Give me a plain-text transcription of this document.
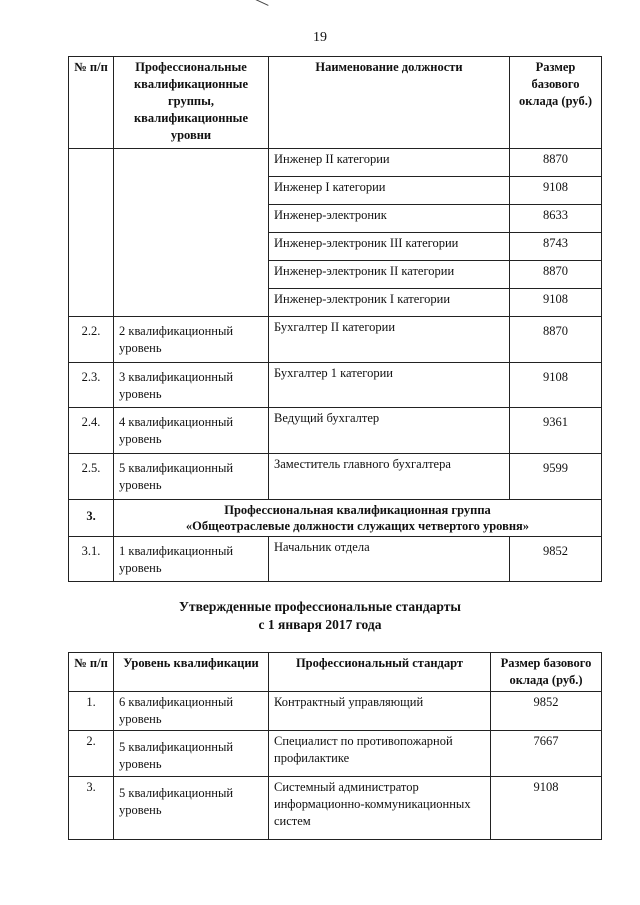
19
№ п/п	Профессиональные квалификационные группы, квалификационные уровни	Наименование должности	Размер базового оклада (руб.)
		Инженер II категории	8870
		Инженер I категории	9108
		Инженер-электроник	8633
		Инженер-электроник III категории	8743
		Инженер-электроник II категории	8870
		Инженер-электроник I категории	9108
2.2.	2 квалификационный уровень	Бухгалтер II категории	8870
2.3.	3 квалификационный уровень	Бухгалтер 1 категории	9108
2.4.	4 квалификационный уровень	Ведущий бухгалтер	9361
2.5.	5 квалификационный уровень	Заместитель главного бухгалтера	9599
3.	Профессиональная квалификационная группа
«Общеотраслевые должности служащих четвертого уровня»		

3.1.	1 квалификационный уровень	Начальник отдела	9852
Утвержденные профессиональные стандарты
с 1 января 2017 года
№ п/п	Уровень квалификации	Профессиональный стандарт	Размер базового оклада (руб.)
1.	6 квалификационный уровень	Контрактный управляющий	9852
2.	5 квалификационный уровень	Специалист по противопожарной профилактике	7667
3.	5 квалификационный уровень	Системный администратор информационно-коммуникационных систем	9108
